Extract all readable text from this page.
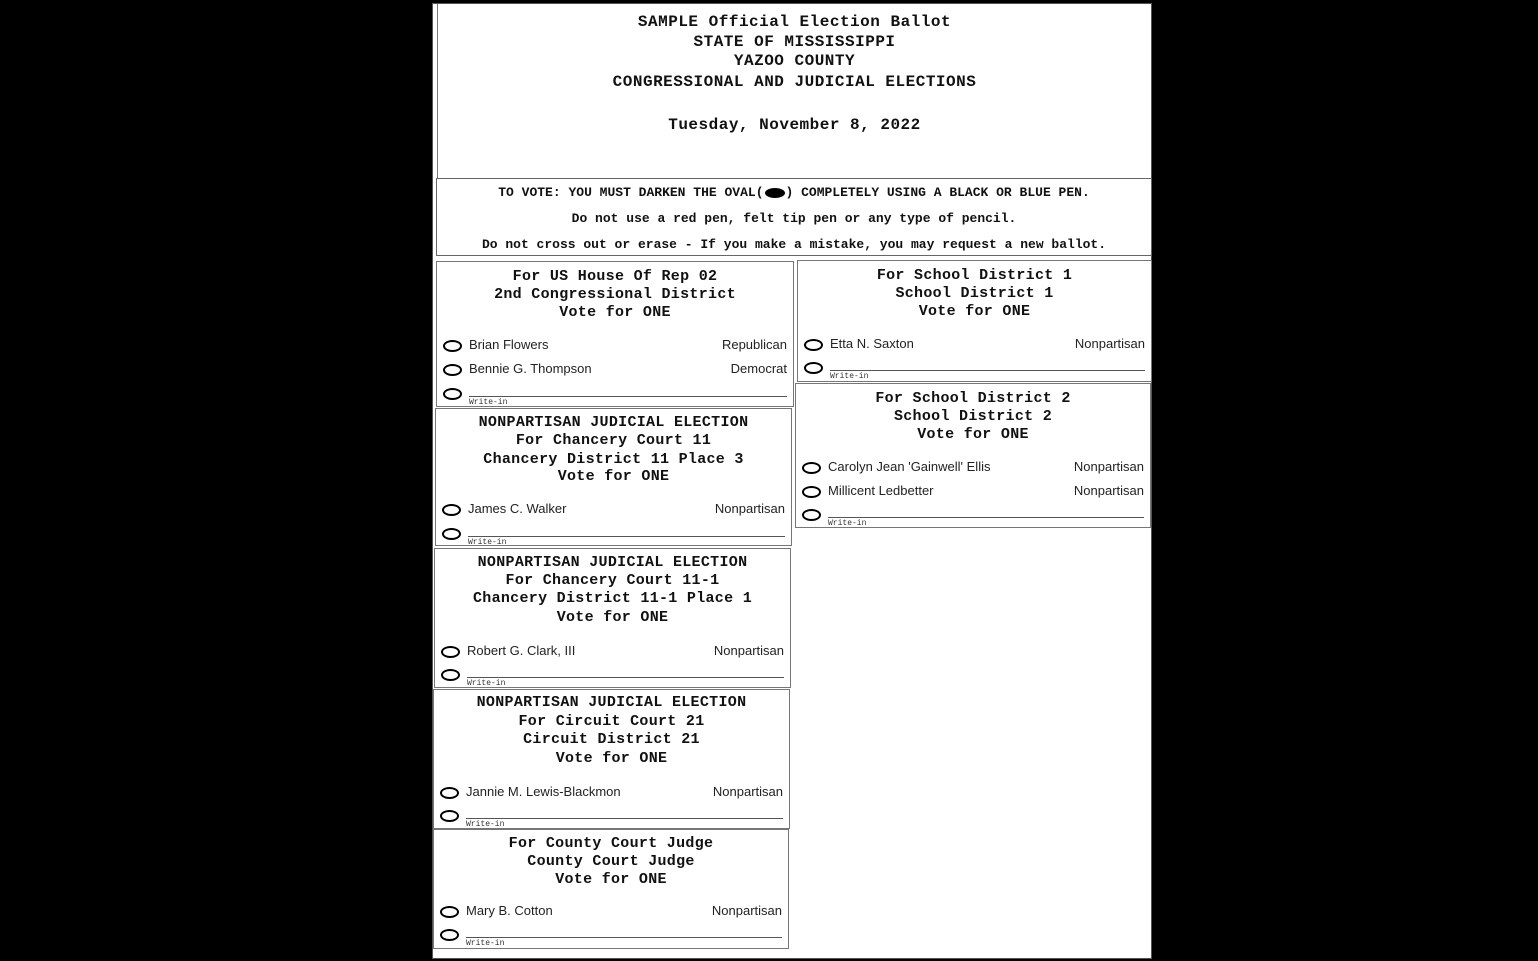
SAMPLE Official Election Ballot
STATE OF MISSISSIPPI
YAZOO COUNTY
CONGRESSIONAL AND JUDICIAL ELECTIONS
Tuesday, November 8, 2022
TO VOTE: YOU MUST DARKEN THE OVAL( ) COMPLETELY USING A BLACK OR BLUE PEN.
Do not use a red pen, felt tip pen or any type of pencil.
Do not cross out or erase - If you make a mistake, you may request a new ballot.
For US House Of Rep 02
2nd Congressional District
Vote for ONE
Brian Flowers	Republican
Bennie G. Thompson	Democrat
Write-in
NONPARTISAN JUDICIAL ELECTION
For Chancery Court 11
Chancery District 11 Place 3
Vote for ONE
James C. Walker	Nonpartisan
Write-in
NONPARTISAN JUDICIAL ELECTION
For Chancery Court 11-1
Chancery District 11-1 Place 1
Vote for ONE
Robert G. Clark, III	Nonpartisan
Write-in
NONPARTISAN JUDICIAL ELECTION
For Circuit Court 21
Circuit District 21
Vote for ONE
Jannie M. Lewis-Blackmon	Nonpartisan
Write-in
For County Court Judge
County Court Judge
Vote for ONE
Mary B. Cotton	Nonpartisan
Write-in
For School District 1
School District 1
Vote for ONE
Etta N. Saxton	Nonpartisan
Write-in
For School District 2
School District 2
Vote for ONE
Carolyn Jean 'Gainwell' Ellis	Nonpartisan
Millicent Ledbetter	Nonpartisan
Write-in
